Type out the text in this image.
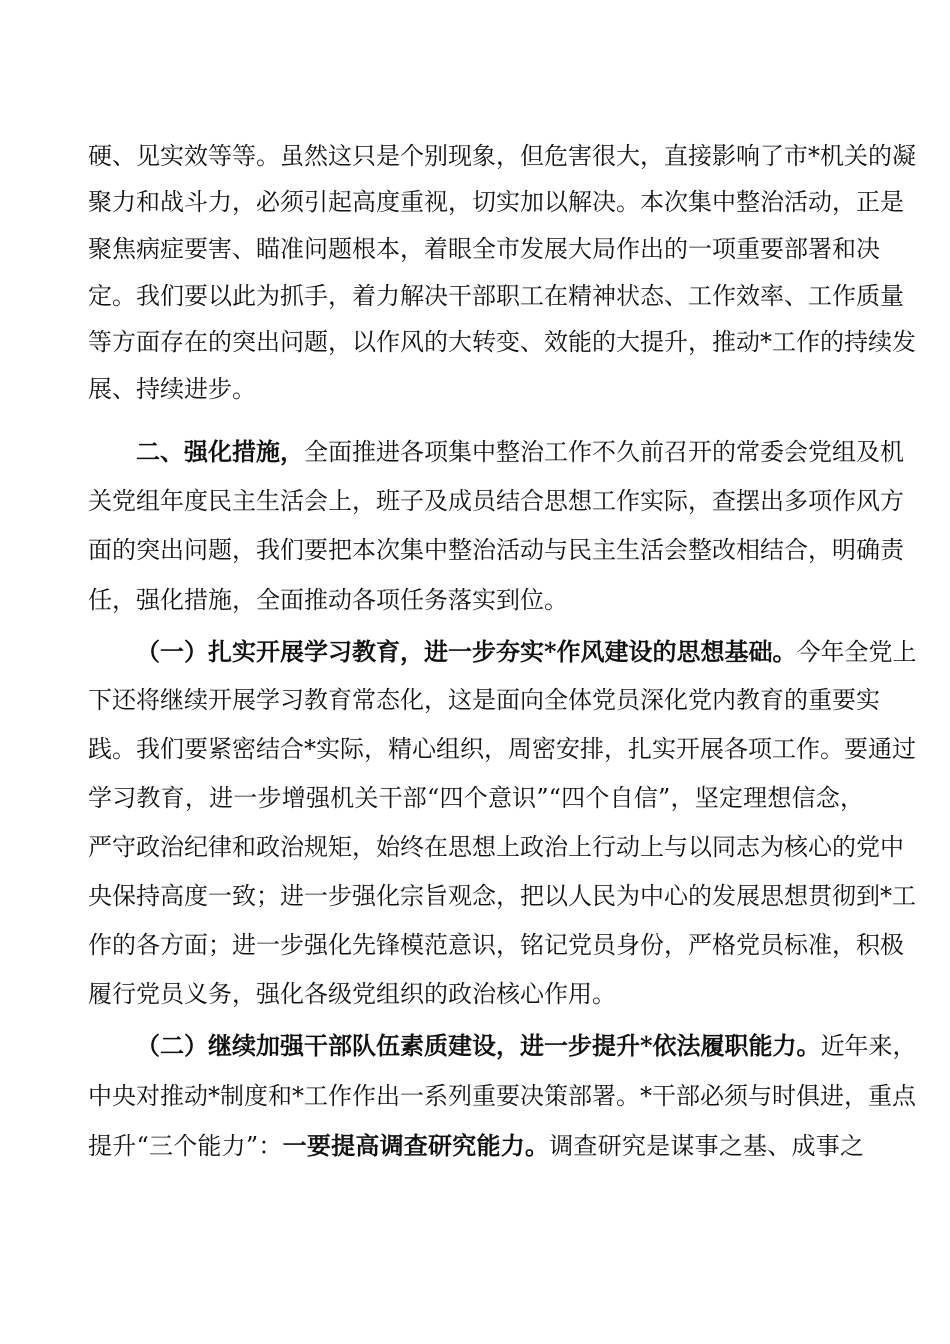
硬、见实效等等。虽然这只是个别现象，但危害很大，直接影响了市*机关的凝
聚力和战斗力，必须引起高度重视，切实加以解决。本次集中整治活动，正是
聚焦病症要害、瞄准问题根本，着眼全市发展大局作出的一项重要部署和决
定。我们要以此为抓手，着力解决干部职工在精神状态、工作效率、工作质量
等方面存在的突出问题，以作风的大转变、效能的大提升，推动*工作的持续发
展、持续进步。
二、强化措施，全面推进各项集中整治工作不久前召开的常委会党组及机
关党组年度民主生活会上，班子及成员结合思想工作实际，查摆出多项作风方
面的突出问题，我们要把本次集中整治活动与民主生活会整改相结合，明确责
任，强化措施，全面推动各项任务落实到位。
（一）扎实开展学习教育，进一步夯实*作风建设的思想基础。今年全党上
下还将继续开展学习教育常态化，这是面向全体党员深化党内教育的重要实
践。我们要紧密结合*实际，精心组织，周密安排，扎实开展各项工作。要通过
学习教育，进一步增强机关干部“四个意识”“四个自信”，坚定理想信念，
严守政治纪律和政治规矩，始终在思想上政治上行动上与以同志为核心的党中
央保持高度一致；进一步强化宗旨观念，把以人民为中心的发展思想贯彻到*工
作的各方面；进一步强化先锋模范意识，铭记党员身份，严格党员标准，积极
履行党员义务，强化各级党组织的政治核心作用。
（二）继续加强干部队伍素质建设，进一步提升*依法履职能力。近年来，
中央对推动*制度和*工作作出一系列重要决策部署。*干部必须与时俱进，重点
提升“三个能力”：一要提高调查研究能力。调查研究是谋事之基、成事之
